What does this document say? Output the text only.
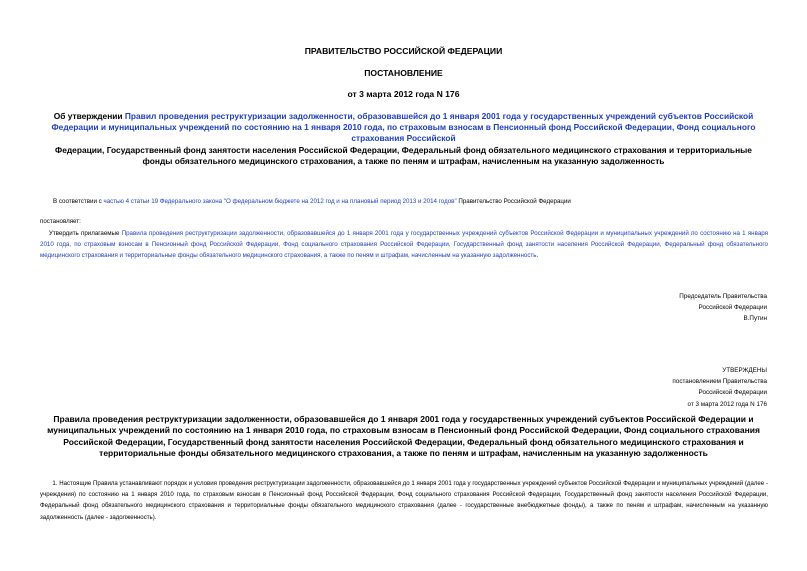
ПРАВИТЕЛЬСТВО РОССИЙСКОЙ ФЕДЕРАЦИИ
ПОСТАНОВЛЕНИЕ
от 3 марта 2012 года N 176
Об утверждении Правил проведения реструктуризации задолженности, образовавшейся до 1 января 2001 года у государственных учреждений субъектов Российской Федерации и муниципальных учреждений по состоянию на 1 января 2010 года, по страховым взносам в Пенсионный фонд Российской Федерации, Фонд социального страхования Российской
Федерации, Государственный фонд занятости населения Российской Федерации, Федеральный фонд обязательного медицинского страхования и территориальные фонды обязательного медицинского страхования, а также по пеням и штрафам, начисленным на указанную задолженность
В соответствии с частью 4 статьи 19 Федерального закона "О федеральном бюджете на 2012 год и на плановый период 2013 и 2014 годов" Правительство Российской Федерации
постановляет:
Утвердить прилагаемые Правила проведения реструктуризации задолженности, образовавшейся до 1 января 2001 года у государственных учреждений субъектов Российской Федерации и муниципальных учреждений по состоянию на 1 января 2010 года, по страховым взносам в Пенсионный фонд Российской Федерации, Фонд социального страхования Российской Федерации, Государственный фонд занятости населения Российской Федерации, Федеральный фонд обязательного медицинского страхования и территориальные фонды обязательного медицинского страхования, а также по пеням и штрафам, начисленным на указанную задолженность.
Председатель Правительства
Российской Федерации
В.Путин
УТВЕРЖДЕНЫ
постановлением Правительства
Российской Федерации
от 3 марта 2012 года N 176
Правила проведения реструктуризации задолженности, образовавшейся до 1 января 2001 года у государственных учреждений субъектов Российской Федерации и муниципальных учреждений по состоянию на 1 января 2010 года, по страховым взносам в Пенсионный фонд Российской Федерации, Фонд социального страхования Российской Федерации, Государственный фонд занятости населения Российской Федерации, Федеральный фонд обязательного медицинского страхования и территориальные фонды обязательного медицинского страхования, а также по пеням и штрафам, начисленным на указанную задолженность
1. Настоящие Правила устанавливают порядок и условия проведения реструктуризации задолженности, образовавшейся до 1 января 2001 года у государственных учреждений субъектов Российской Федерации и муниципальных учреждений (далее - учреждения) по состоянию на 1 января 2010 года, по страховым взносам в Пенсионный фонд Российской Федерации, Фонд социального страхования Российской Федерации, Государственный фонд занятости населения Российской Федерации, Федеральный фонд обязательного медицинского страхования и территориальные фонды обязательного медицинского страхования (далее - государственные внебюджетные фонды), а также по пеням и штрафам, начисленным на указанную задолженность (далее - задолженность).
